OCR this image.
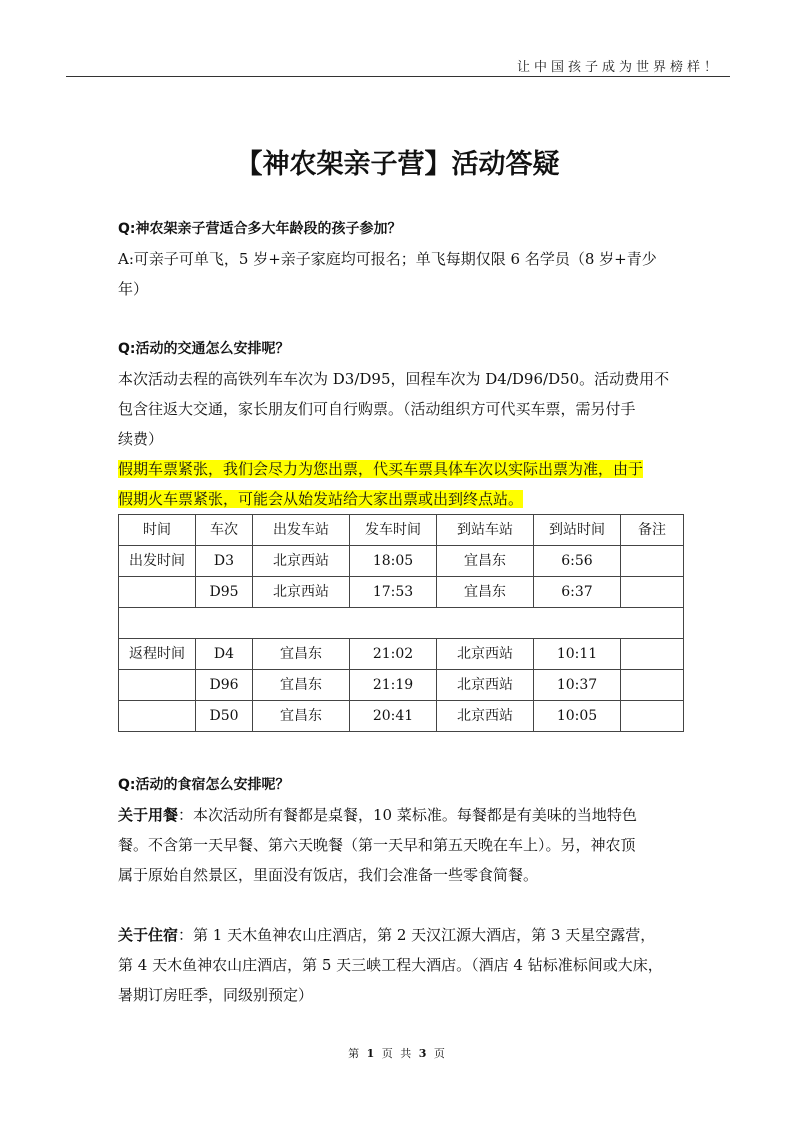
让中国孩子成为世界榜样！
【神农架亲子营】活动答疑

Q:神农架亲子营适合多大年龄段的孩子参加？

A:可亲子可单飞，5 岁+亲子家庭均可报名；单飞每期仅限 6 名学员（8 岁+青少

年）

Q:活动的交通怎么安排呢？

本次活动去程的高铁列车车次为 D3/D95，回程车次为 D4/D96/D50。活动费用不

包含往返大交通，家长朋友们可自行购票。（活动组织方可代买车票，需另付手

续费）

假期车票紧张，我们会尽力为您出票，代买车票具体车次以实际出票为准，由于

假期火车票紧张，可能会从始发站给大家出票或出到终点站。

时间	车次	出发车站	发车时间	到站车站	到站时间	备注
出发时间	D3	北京西站	18:05	宜昌东	6:56	
	D95	北京西站	17:53	宜昌东	6:37	

返程时间	D4	宜昌东	21:02	北京西站	10:11	
	D96	宜昌东	21:19	北京西站	10:37	
	D50	宜昌东	20:41	北京西站	10:05	

Q:活动的食宿怎么安排呢？

关于用餐：本次活动所有餐都是桌餐，10 菜标准。每餐都是有美味的当地特色

餐。不含第一天早餐、第六天晚餐（第一天早和第五天晚在车上）。另，神农顶

属于原始自然景区，里面没有饭店，我们会准备一些零食简餐。

关于住宿：第 1 天木鱼神农山庄酒店，第 2 天汉江源大酒店，第 3 天星空露营，

第 4 天木鱼神农山庄酒店，第 5 天三峡工程大酒店。（酒店 4 钻标准标间或大床，

暑期订房旺季，同级别预定）

第 1 页 共 3 页
